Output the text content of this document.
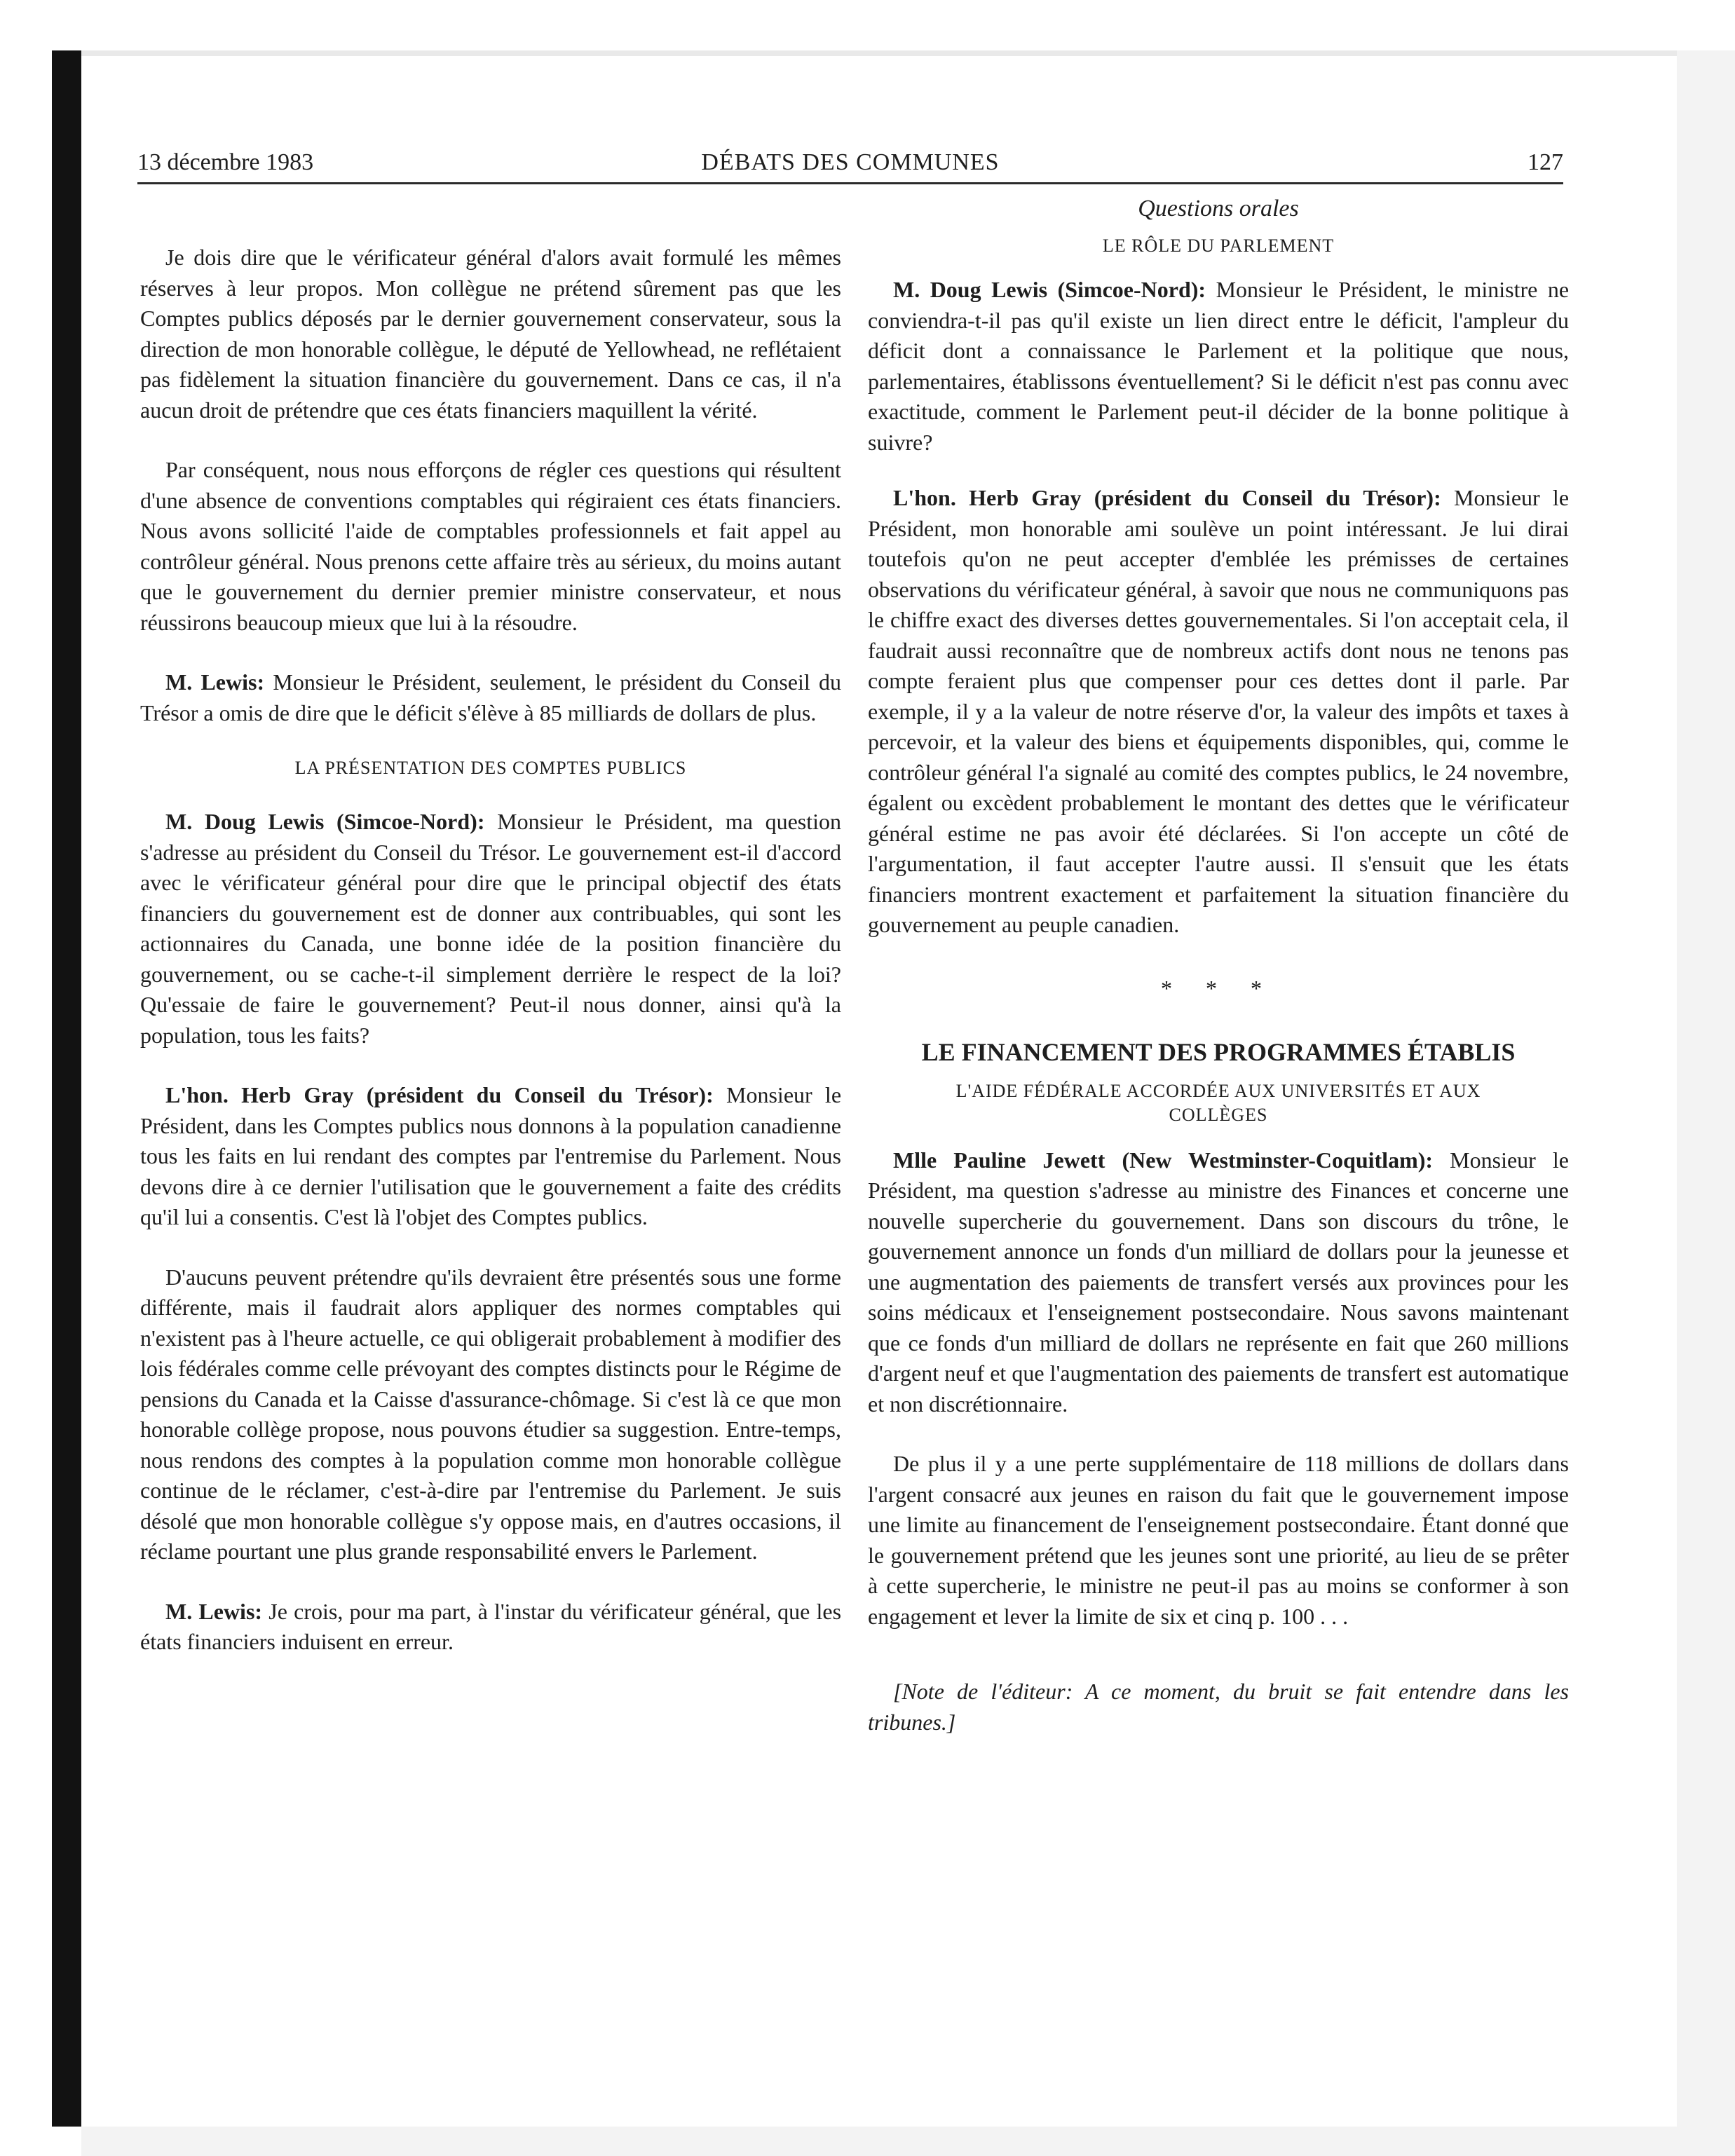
13 décembre 1983	DÉBATS DES COMMUNES	127

Je dois dire que le vérificateur général d'alors avait formulé les mêmes réserves à leur propos. Mon collègue ne prétend sûrement pas que les Comptes publics déposés par le dernier gouvernement conservateur, sous la direction de mon honorable collègue, le député de Yellowhead, ne reflétaient pas fidèlement la situation financière du gouvernement. Dans ce cas, il n'a aucun droit de prétendre que ces états financiers maquillent la vérité.

Par conséquent, nous nous efforçons de régler ces questions qui résultent d'une absence de conventions comptables qui régiraient ces états financiers. Nous avons sollicité l'aide de comptables professionnels et fait appel au contrôleur général. Nous prenons cette affaire très au sérieux, du moins autant que le gouvernement du dernier premier ministre conservateur, et nous réussirons beaucoup mieux que lui à la résoudre.

M. Lewis: Monsieur le Président, seulement, le président du Conseil du Trésor a omis de dire que le déficit s'élève à 85 milliards de dollars de plus.

LA PRÉSENTATION DES COMPTES PUBLICS

M. Doug Lewis (Simcoe-Nord): Monsieur le Président, ma question s'adresse au président du Conseil du Trésor. Le gouvernement est-il d'accord avec le vérificateur général pour dire que le principal objectif des états financiers du gouvernement est de donner aux contribuables, qui sont les actionnaires du Canada, une bonne idée de la position financière du gouvernement, ou se cache-t-il simplement derrière le respect de la loi? Qu'essaie de faire le gouvernement? Peut-il nous donner, ainsi qu'à la population, tous les faits?

L'hon. Herb Gray (président du Conseil du Trésor): Monsieur le Président, dans les Comptes publics nous donnons à la population canadienne tous les faits en lui rendant des comptes par l'entremise du Parlement. Nous devons dire à ce dernier l'utilisation que le gouvernement a faite des crédits qu'il lui a consentis. C'est là l'objet des Comptes publics.

D'aucuns peuvent prétendre qu'ils devraient être présentés sous une forme différente, mais il faudrait alors appliquer des normes comptables qui n'existent pas à l'heure actuelle, ce qui obligerait probablement à modifier des lois fédérales comme celle prévoyant des comptes distincts pour le Régime de pensions du Canada et la Caisse d'assurance-chômage. Si c'est là ce que mon honorable collège propose, nous pouvons étudier sa suggestion. Entre-temps, nous rendons des comptes à la population comme mon honorable collègue continue de le réclamer, c'est-à-dire par l'entremise du Parlement. Je suis désolé que mon honorable collègue s'y oppose mais, en d'autres occasions, il réclame pourtant une plus grande responsabilité envers le Parlement.

M. Lewis: Je crois, pour ma part, à l'instar du vérificateur général, que les états financiers induisent en erreur.

Questions orales

LE RÔLE DU PARLEMENT

M. Doug Lewis (Simcoe-Nord): Monsieur le Président, le ministre ne conviendra-t-il pas qu'il existe un lien direct entre le déficit, l'ampleur du déficit dont a connaissance le Parlement et la politique que nous, parlementaires, établissons éventuellement? Si le déficit n'est pas connu avec exactitude, comment le Parlement peut-il décider de la bonne politique à suivre?

L'hon. Herb Gray (président du Conseil du Trésor): Monsieur le Président, mon honorable ami soulève un point intéressant. Je lui dirai toutefois qu'on ne peut accepter d'emblée les prémisses de certaines observations du vérificateur général, à savoir que nous ne communiquons pas le chiffre exact des diverses dettes gouvernementales. Si l'on acceptait cela, il faudrait aussi reconnaître que de nombreux actifs dont nous ne tenons pas compte feraient plus que compenser pour ces dettes dont il parle. Par exemple, il y a la valeur de notre réserve d'or, la valeur des impôts et taxes à percevoir, et la valeur des biens et équipements disponibles, qui, comme le contrôleur général l'a signalé au comité des comptes publics, le 24 novembre, égalent ou excèdent probablement le montant des dettes que le vérificateur général estime ne pas avoir été déclarées. Si l'on accepte un côté de l'argumentation, il faut accepter l'autre aussi. Il s'ensuit que les états financiers montrent exactement et parfaitement la situation financière du gouvernement au peuple canadien.

* * *

LE FINANCEMENT DES PROGRAMMES ÉTABLIS

L'AIDE FÉDÉRALE ACCORDÉE AUX UNIVERSITÉS ET AUX COLLÈGES

Mlle Pauline Jewett (New Westminster-Coquitlam): Monsieur le Président, ma question s'adresse au ministre des Finances et concerne une nouvelle supercherie du gouvernement. Dans son discours du trône, le gouvernement annonce un fonds d'un milliard de dollars pour la jeunesse et une augmentation des paiements de transfert versés aux provinces pour les soins médicaux et l'enseignement postsecondaire. Nous savons maintenant que ce fonds d'un milliard de dollars ne représente en fait que 260 millions d'argent neuf et que l'augmentation des paiements de transfert est automatique et non discrétionnaire.

De plus il y a une perte supplémentaire de 118 millions de dollars dans l'argent consacré aux jeunes en raison du fait que le gouvernement impose une limite au financement de l'enseignement postsecondaire. Étant donné que le gouvernement prétend que les jeunes sont une priorité, au lieu de se prêter à cette supercherie, le ministre ne peut-il pas au moins se conformer à son engagement et lever la limite de six et cinq p. 100 . . .

[Note de l'éditeur: A ce moment, du bruit se fait entendre dans les tribunes.]
